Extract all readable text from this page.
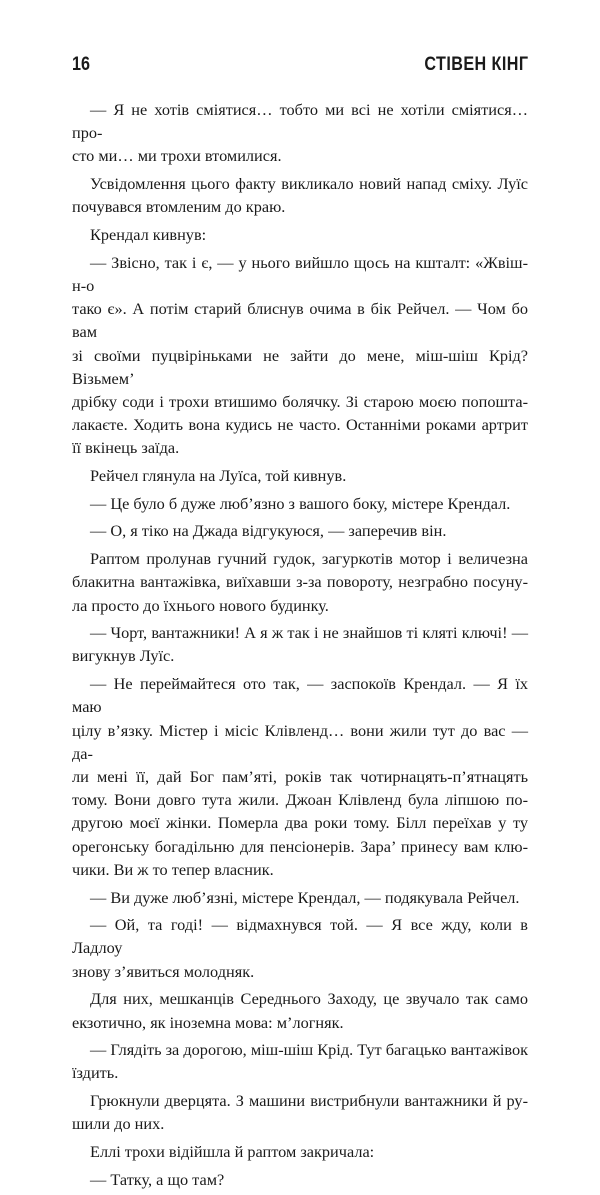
16	СТІВЕН КІНГ

— Я не хотів сміятися… тобто ми всі не хотіли сміятися… про-
сто ми… ми трохи втомилися.

Усвідомлення цього факту викликало новий напад сміху. Луїс
почувався втомленим до краю.

Крендал кивнув:

— Звісно, так і є, — у нього вийшло щось на кшталт: «Жвіш-н-о
тако є». А потім старий блиснув очима в бік Рейчел. — Чом бо вам
зі своїми пуцвіріньками не зайти до мене, міш-шіш Крід? Візьмем’
дрібку соди і трохи втишимо болячку. Зі старою моєю попошта-
лакаєте. Ходить вона кудись не часто. Останніми роками артрит
її вкінець заїда.

Рейчел глянула на Луїса, той кивнув.

— Це було б дуже люб’язно з вашого боку, містере Крендал.

— О, я тіко на Джада відгукуюся, — заперечив він.

Раптом пролунав гучний гудок, загуркотів мотор і величезна
блакитна вантажівка, виїхавши з-за повороту, незграбно посуну-
ла просто до їхнього нового будинку.

— Чорт, вантажники! А я ж так і не знайшов ті кляті ключі! —
вигукнув Луїс.

— Не переймайтеся ото так, — заспокоїв Крендал. — Я їх маю
цілу в’язку. Містер і місіс Клівленд… вони жили тут до вас — да-
ли мені її, дай Бог пам’яті, років так чотирнацять-п’ятнацять
тому. Вони довго тута жили. Джоан Клівленд була ліпшою по-
другою моєї жінки. Померла два роки тому. Білл переїхав у ту
орегонську богадільню для пенсіонерів. Зара’ принесу вам клю-
чики. Ви ж то тепер власник.

— Ви дуже люб’язні, містере Крендал, — подякувала Рейчел.

— Ой, та годі! — відмахнувся той. — Я все жду, коли в Ладлоу
знову з’явиться молодняк.

Для них, мешканців Середнього Заходу, це звучало так само
екзотично, як іноземна мова: м’логняк.

— Глядіть за дорогою, міш-шіш Крід. Тут багацько вантажівок
їздить.

Грюкнули дверцята. З машини вистрибнули вантажники й ру-
шили до них.

Еллі трохи відійшла й раптом закричала:

— Татку, а що там?
